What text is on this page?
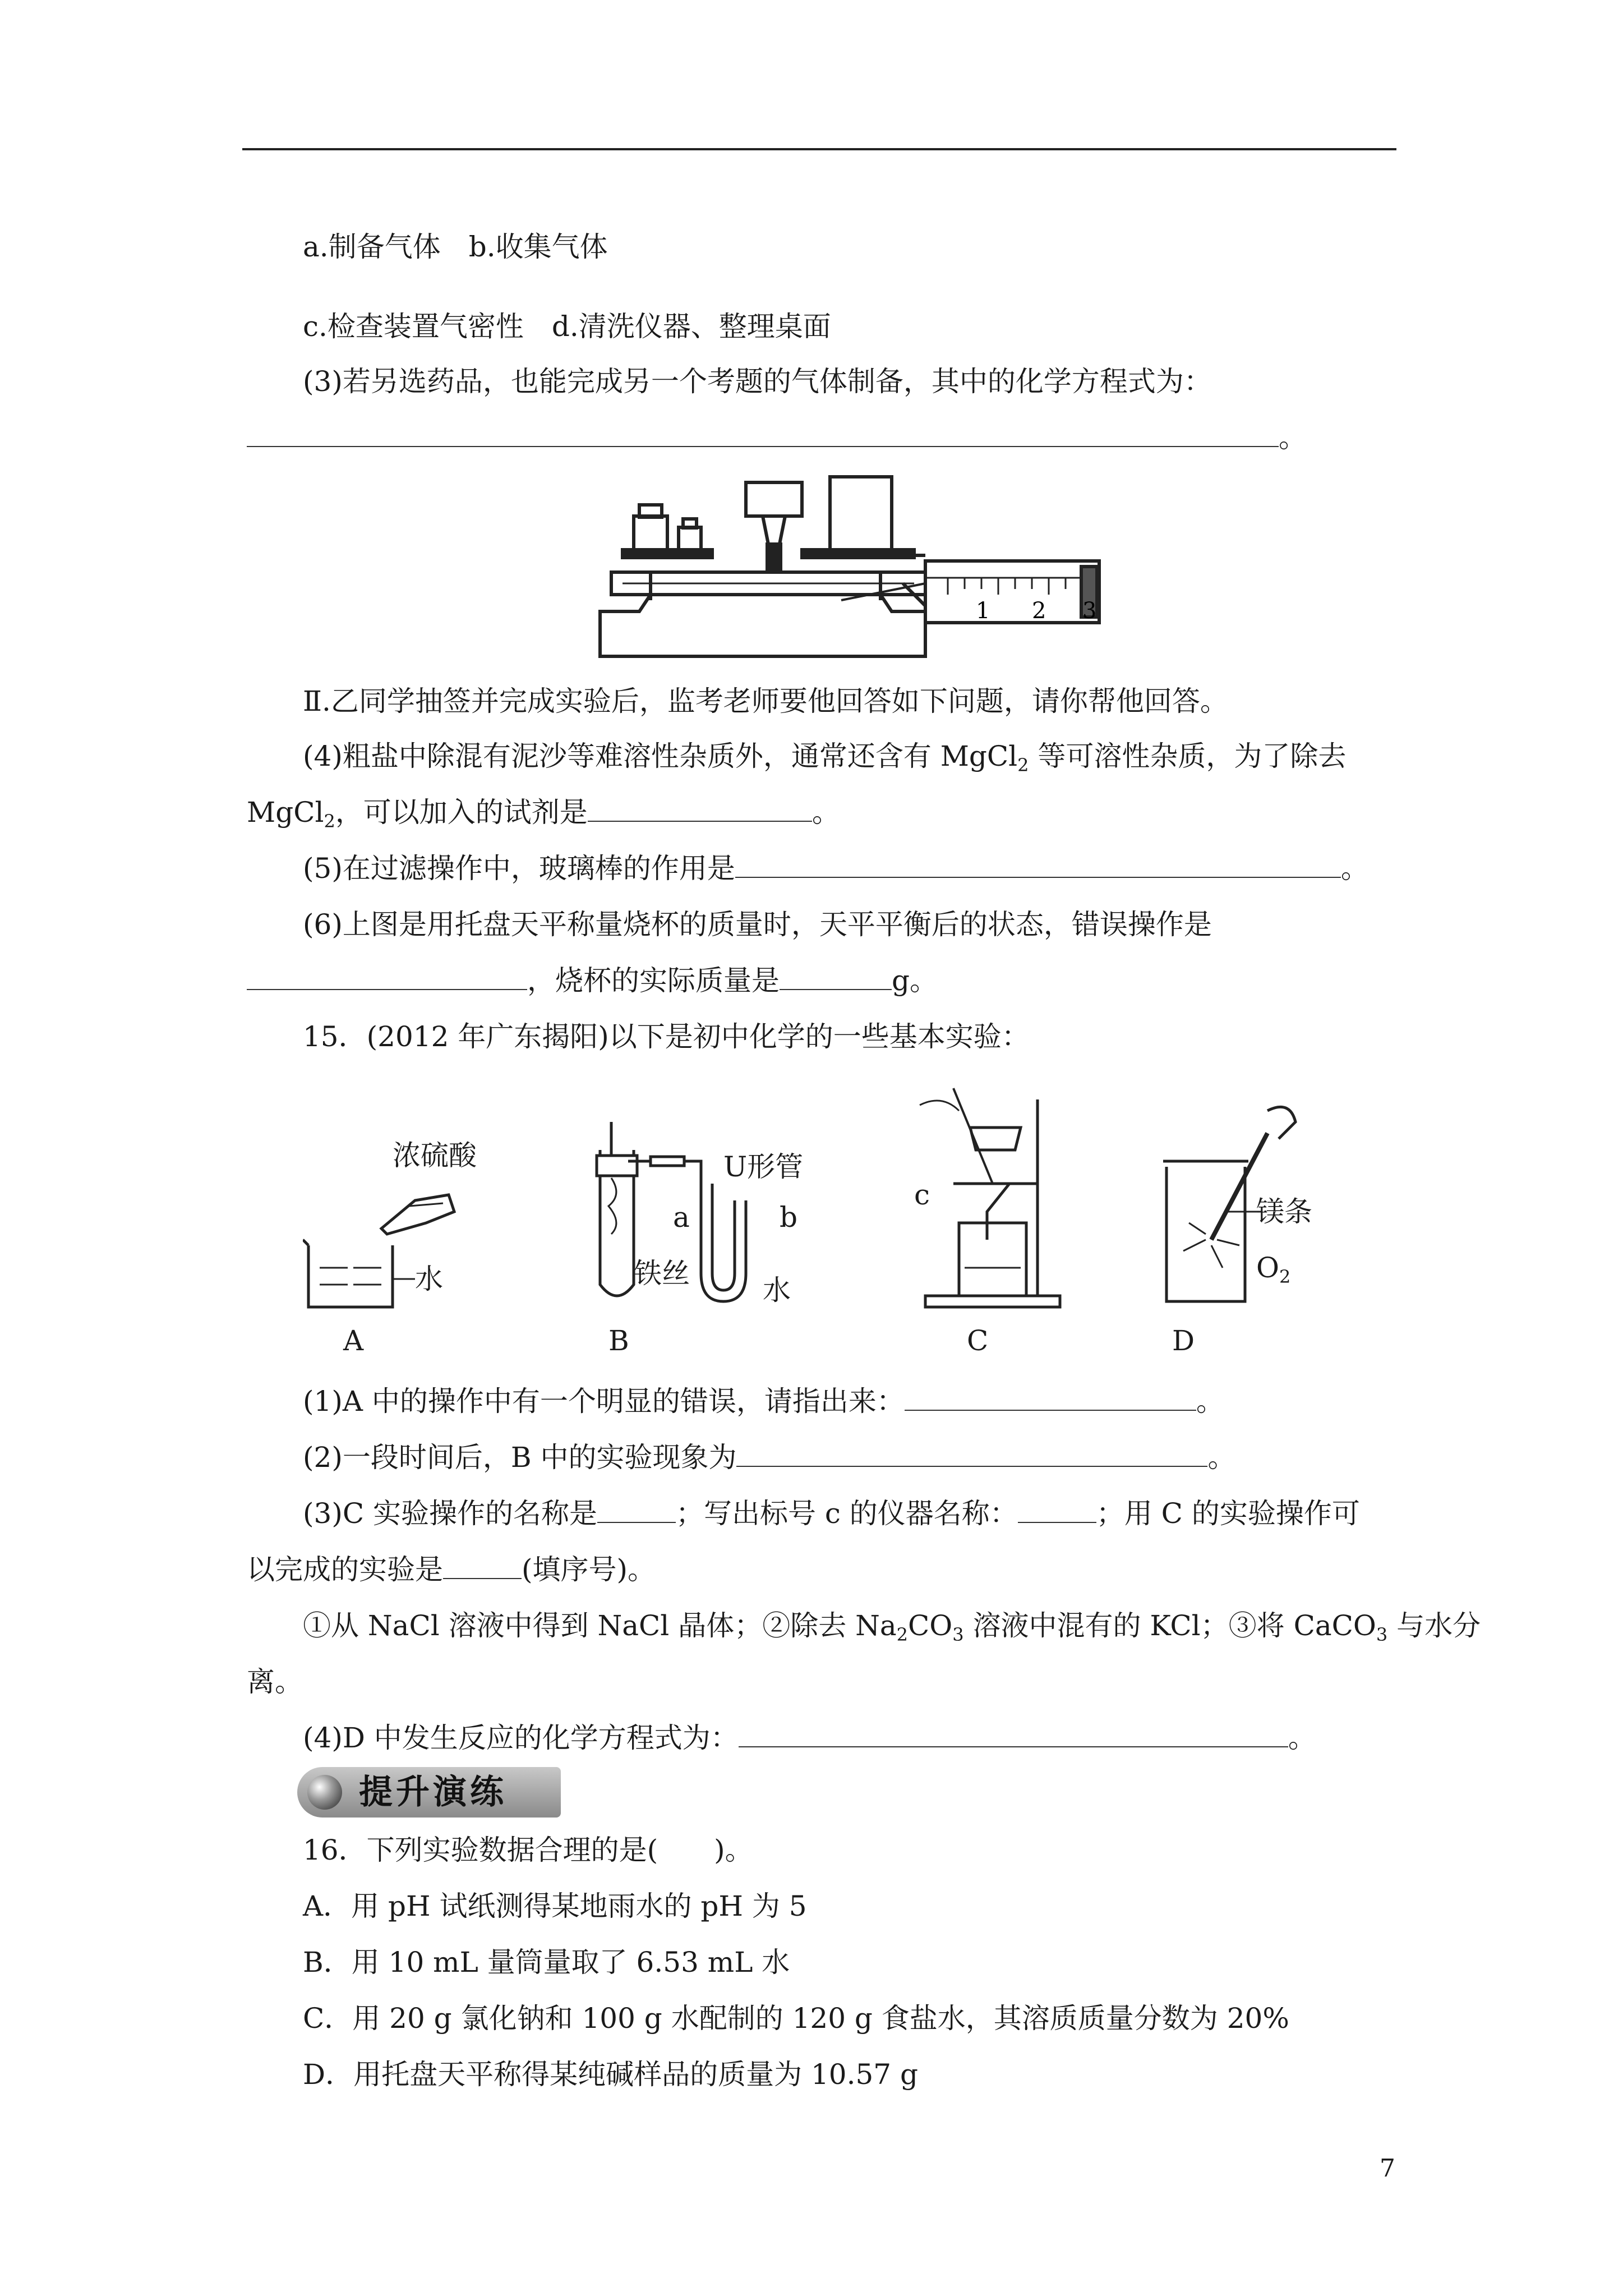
a.制备气体　b.收集气体
c.检查装置气密性　d.清洗仪器、整理桌面
(3)若另选药品，也能完成另一个考题的气体制备，其中的化学方程式为：
。
1 2 3
Ⅱ.乙同学抽签并完成实验后，监考老师要他回答如下问题，请你帮他回答。
(4)粗盐中除混有泥沙等难溶性杂质外，通常还含有 MgCl$_2$ 等可溶性杂质，为了除去
MgCl$_2$，可以加入的试剂是	。
(5)在过滤操作中，玻璃棒的作用是	。
(6)上图是用托盘天平称量烧杯的质量时，天平平衡后的状态，错误操作是
，烧杯的实际质量是	g。
15．(2012 年广东揭阳)以下是初中化学的一些基本实验：
浓硫酸
水
A
U形管
a	b
铁丝
水
B
c
C
镁条
$O_2$
D
(1)A 中的操作中有一个明显的错误，请指出来：	。
(2)一段时间后，B 中的实验现象为	。
(3)C 实验操作的名称是	；写出标号 c 的仪器名称：	；用 C 的实验操作可
以完成的实验是	(填序号)。
①从 NaCl 溶液中得到 NaCl 晶体；②除去 $Na_2CO_3$ 溶液中混有的 KCl；③将 CaCO$_3$ 与水分
离。
(4)D 中发生反应的化学方程式为：	。
提升演练
16．下列实验数据合理的是(　　)。
A．用 pH 试纸测得某地雨水的 pH 为 5
B．用 10 mL 量筒量取了 6.53 mL 水
C．用 20 g 氯化钠和 100 g 水配制的 120 g 食盐水，其溶质质量分数为 20%
D．用托盘天平称得某纯碱样品的质量为 10.57 g
7
